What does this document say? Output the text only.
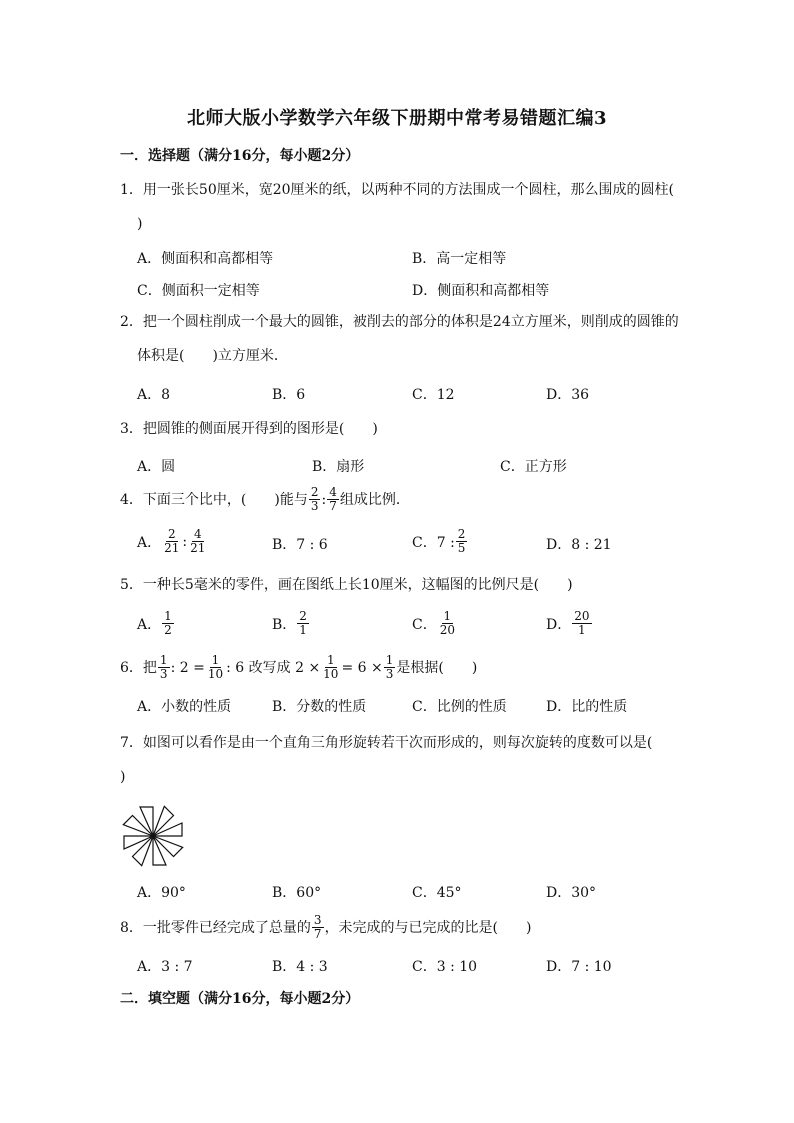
北师大版小学数学六年级下册期中常考易错题汇编3
一．选择题（满分16分，每小题2分）
1．用一张长50厘米，宽20厘米的纸，以两种不同的方法围成一个圆柱，那么围成的圆柱(
)
A．侧面积和高都相等	B．高一定相等
C．侧面积一定相等	D．侧面积和高都相等
2．把一个圆柱削成一个最大的圆锥，被削去的部分的体积是24立方厘米，则削成的圆锥的
体积是(　　)立方厘米．
A．8	B．6	C．12	D．36
3．把圆锥的侧面展开得到的图形是(　　)
A．圆	B．扇形	C．正方形
4．下面三个比中，(　　)能与 $\frac{2}{3}$ : $\frac{4}{7}$ 组成比例．
A． $\frac{2}{21}$ : $\frac{4}{21}$	B．7 : 6	C．7 : $\frac{2}{5}$	D．8 : 21
5．一种长5毫米的零件，画在图纸上长10厘米，这幅图的比例尺是(　　)
A． $\frac{1}{2}$	B． $\frac{2}{1}$	C． $\frac{1}{20}$	D． $\frac{20}{1}$
6．把 $\frac{1}{3}$ : $2 = \frac{1}{10}$ : 6 改写成 $2 \times \frac{1}{10} = 6 \times \frac{1}{3}$ 是根据(　　)
A．小数的性质	B．分数的性质	C．比例的性质	D．比的性质
7．如图可以看作是由一个直角三角形旋转若干次而形成的，则每次旋转的度数可以是(
)
A．90°	B．60°	C．45°	D．30°
8．一批零件已经完成了总量的 $\frac{3}{7}$ ，未完成的与已完成的比是(　　)
A．3 : 7	B．4 : 3	C．3 : 10	D．7 : 10
二．填空题（满分16分，每小题2分）
